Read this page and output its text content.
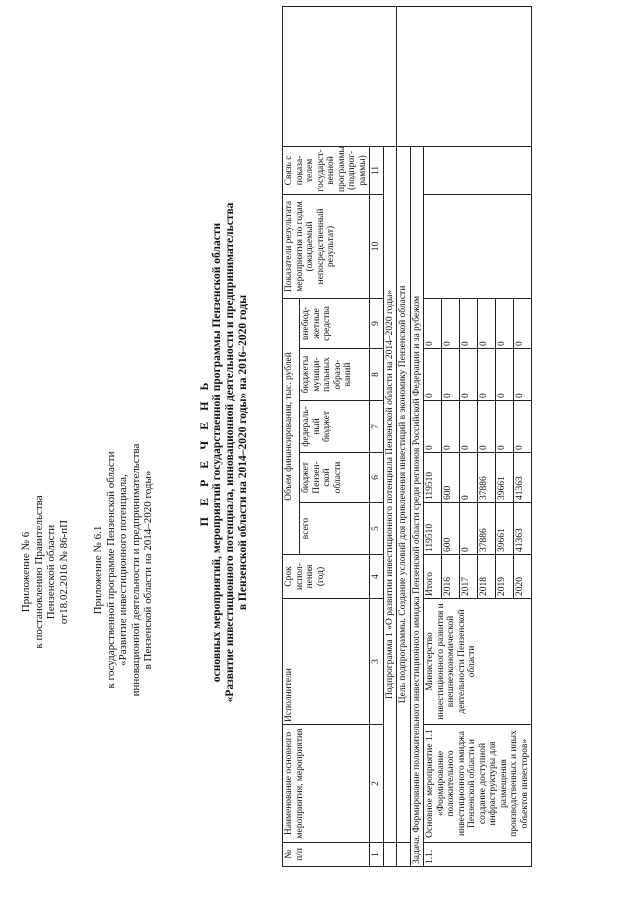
Приложение № 6 к постановлению Правительства Пензенской области от18.02.2016 № 86-пП Приложение № 6.1 к государственной программе Пензенской области «Развитие инвестиционного потенциала, инновационной деятельности и предпринимательства в Пензенской области на 2014–2020 годы»
П Е Р Е Ч Е Н Ь основных мероприятий, мероприятий государственной программы Пензенской области «Развитие инвестиционного потенциала, инновационной деятельности и предпринимательства в Пензенской области на 2014–2020 годы» на 2016–2020 годы
№ п/п	Наименование основного мероприятия, мероприятия	Исполнители	Срок испол-нения (год)	Объем финансирования, тыс. рублей					Показатели результата мероприятия по годам (ожидаемый непосредственный результат)	Связь с показа-телем государст-венной программы (подпрог-раммы)	
				всего	бюджет Пензен-ской области	федераль-ный бюджет	бюджеты муници-пальных образо-ваний	внебюд-жетные средства			
1	2	3	4	5	6	7	8	9	10	11	
	Подпрограмма 1 «О развитии инвестиционного потенциала Пензенской области на 2014–2020 годы»										
	Цель подпрограммы. Создание условий для привлечения инвестиций в экономику Пензенской области										
Задача. Формирование положительного инвестиционного имиджа Пензенской области среди регионов Российской Федерации и за рубежом											
1.1.	Основное мероприятие 1.1 «Формирование положительного инвестиционного имиджа Пензенской области и создание доступной инфраструктуры для размещения производственных и иных объектов инвесторов»	Министерство инвестиционного развития и внешнеэкономической деятельности Пензенской области	Итого	119510	119510	0	0	0			
			2016	600	600	0	0	0			
			2017	0	0	0	0	0			
			2018	37886	37886	0	0	0			
			2019	39661	39661	0	0	0			
			2020	41363	41363	0	0	0			
